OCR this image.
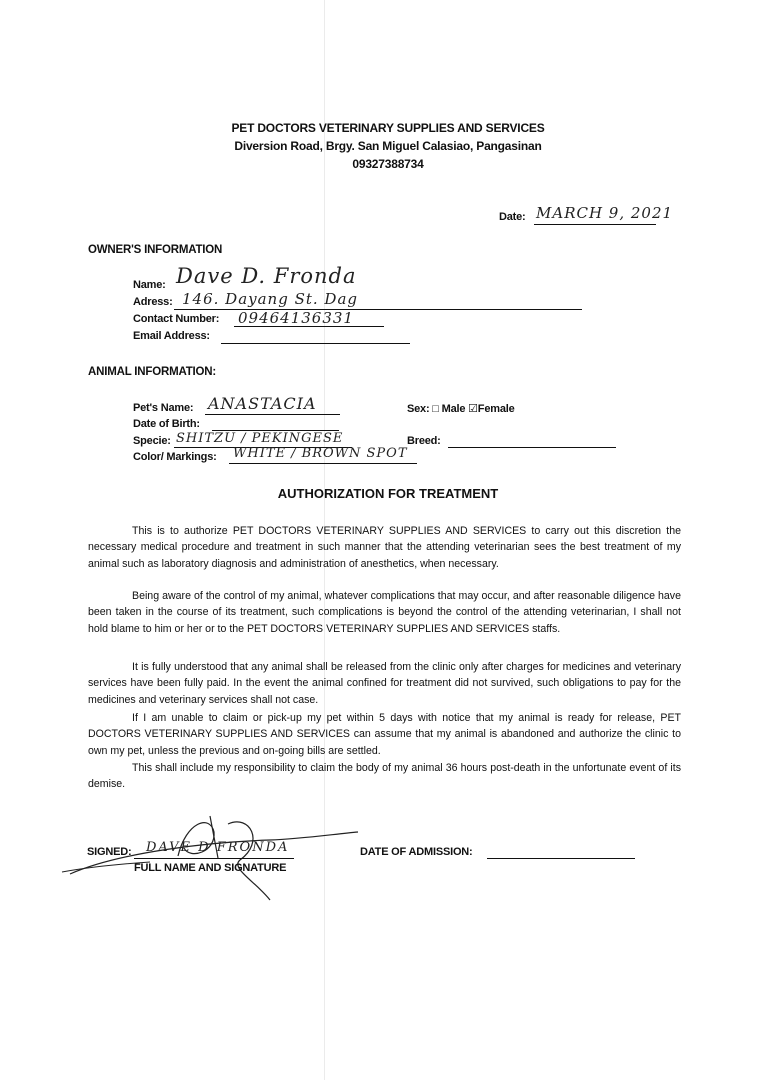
PET DOCTORS VETERINARY SUPPLIES AND SERVICES
Diversion Road, Brgy. San Miguel Calasiao, Pangasinan
09327388734
Date: MARCH 9, 2021
OWNER'S INFORMATION
Name: Dave D. Fronda
Adress: 146. Dayang St. Dag
Contact Number: 09464136331
Email Address:
ANIMAL INFORMATION:
Pet's Name: ANASTACIA
Date of Birth:
Specie: SHITZU / PEKINGESE
Color/ Markings: WHITE / BROWN SPOT
Sex: □ Male ☑Female
Breed:
AUTHORIZATION FOR TREATMENT

This is to authorize PET DOCTORS VETERINARY SUPPLIES AND SERVICES to carry out this discretion the necessary medical procedure and treatment in such manner that the attending veterinarian sees the best treatment of my animal such as laboratory diagnosis and administration of anesthetics, when necessary.

Being aware of the control of my animal, whatever complications that may occur, and after reasonable diligence have been taken in the course of its treatment, such complications is beyond the control of the attending veterinarian, I shall not hold blame to him or her or to the PET DOCTORS VETERINARY SUPPLIES AND SERVICES staffs.

It is fully understood that any animal shall be released from the clinic only after charges for medicines and veterinary services have been fully paid. In the event the animal confined for treatment did not survived, such obligations to pay for the medicines and veterinary services shall not case.

If I am unable to claim or pick-up my pet within 5 days with notice that my animal is ready for release, PET DOCTORS VETERINARY SUPPLIES AND SERVICES can assume that my animal is abandoned and authorize the clinic to own my pet, unless the previous and on-going bills are settled.

This shall include my responsibility to claim the body of my animal 36 hours post-death in the unfortunate event of its demise.

SIGNED: DAVE D FRONDA
FULL NAME AND SIGNATURE
DATE OF ADMISSION:
